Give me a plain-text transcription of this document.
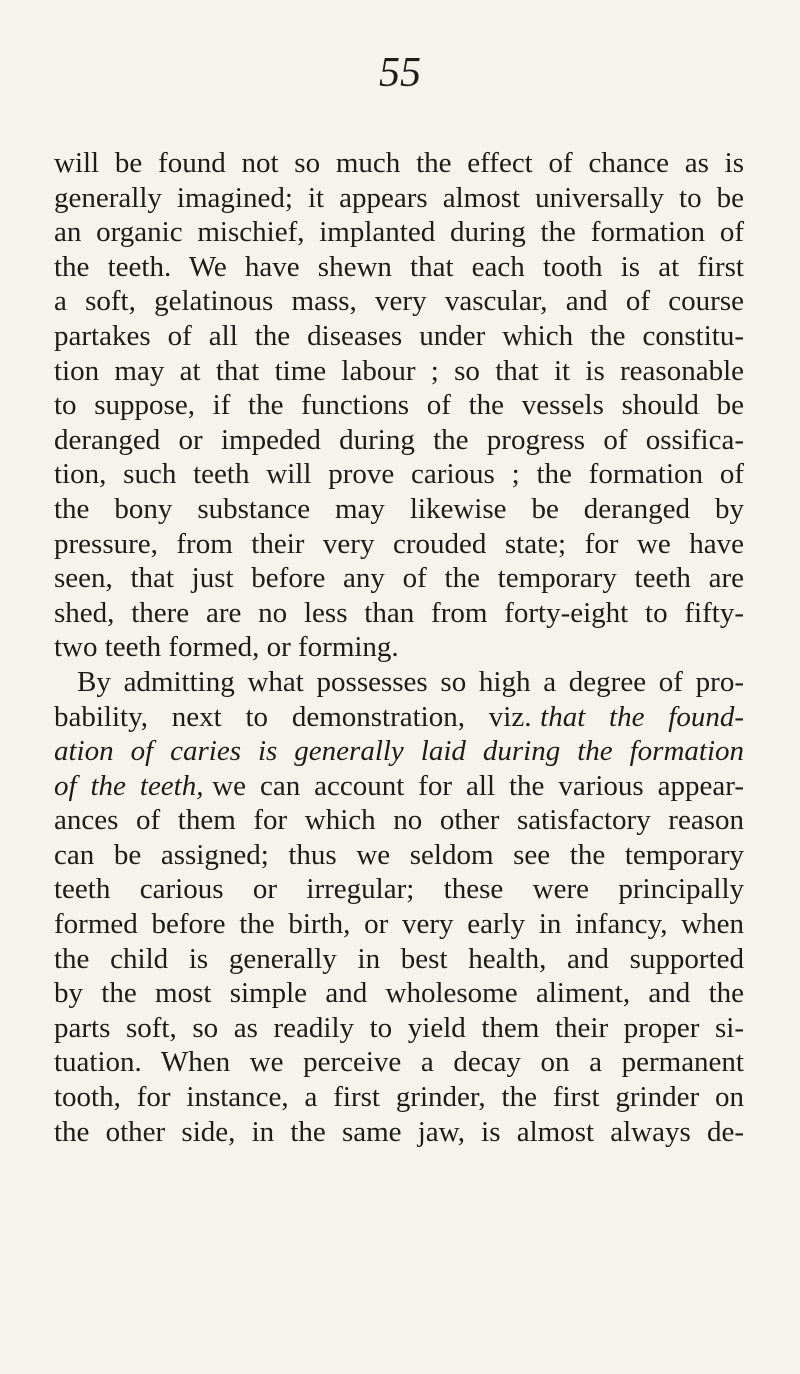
55
will be found not so much the effect of chance as is
generally imagined; it appears almost universally to be
an organic mischief, implanted during the formation of
the teeth. We have shewn that each tooth is at first
a soft, gelatinous mass, very vascular, and of course
partakes of all the diseases under which the constitu-
tion may at that time labour ; so that it is reasonable
to suppose, if the functions of the vessels should be
deranged or impeded during the progress of ossifica-
tion, such teeth will prove carious ; the formation of
the bony substance may likewise be deranged by
pressure, from their very crouded state; for we have
seen, that just before any of the temporary teeth are
shed, there are no less than from forty-eight to fifty-
two teeth formed, or forming.
By admitting what possesses so high a degree of pro-
bability, next to demonstration, viz. that the found-
ation of caries is generally laid during the formation
of the teeth, we can account for all the various appear-
ances of them for which no other satisfactory reason
can be assigned; thus we seldom see the temporary
teeth carious or irregular; these were principally
formed before the birth, or very early in infancy, when
the child is generally in best health, and supported
by the most simple and wholesome aliment, and the
parts soft, so as readily to yield them their proper si-
tuation. When we perceive a decay on a permanent
tooth, for instance, a first grinder, the first grinder on
the other side, in the same jaw, is almost always de-
